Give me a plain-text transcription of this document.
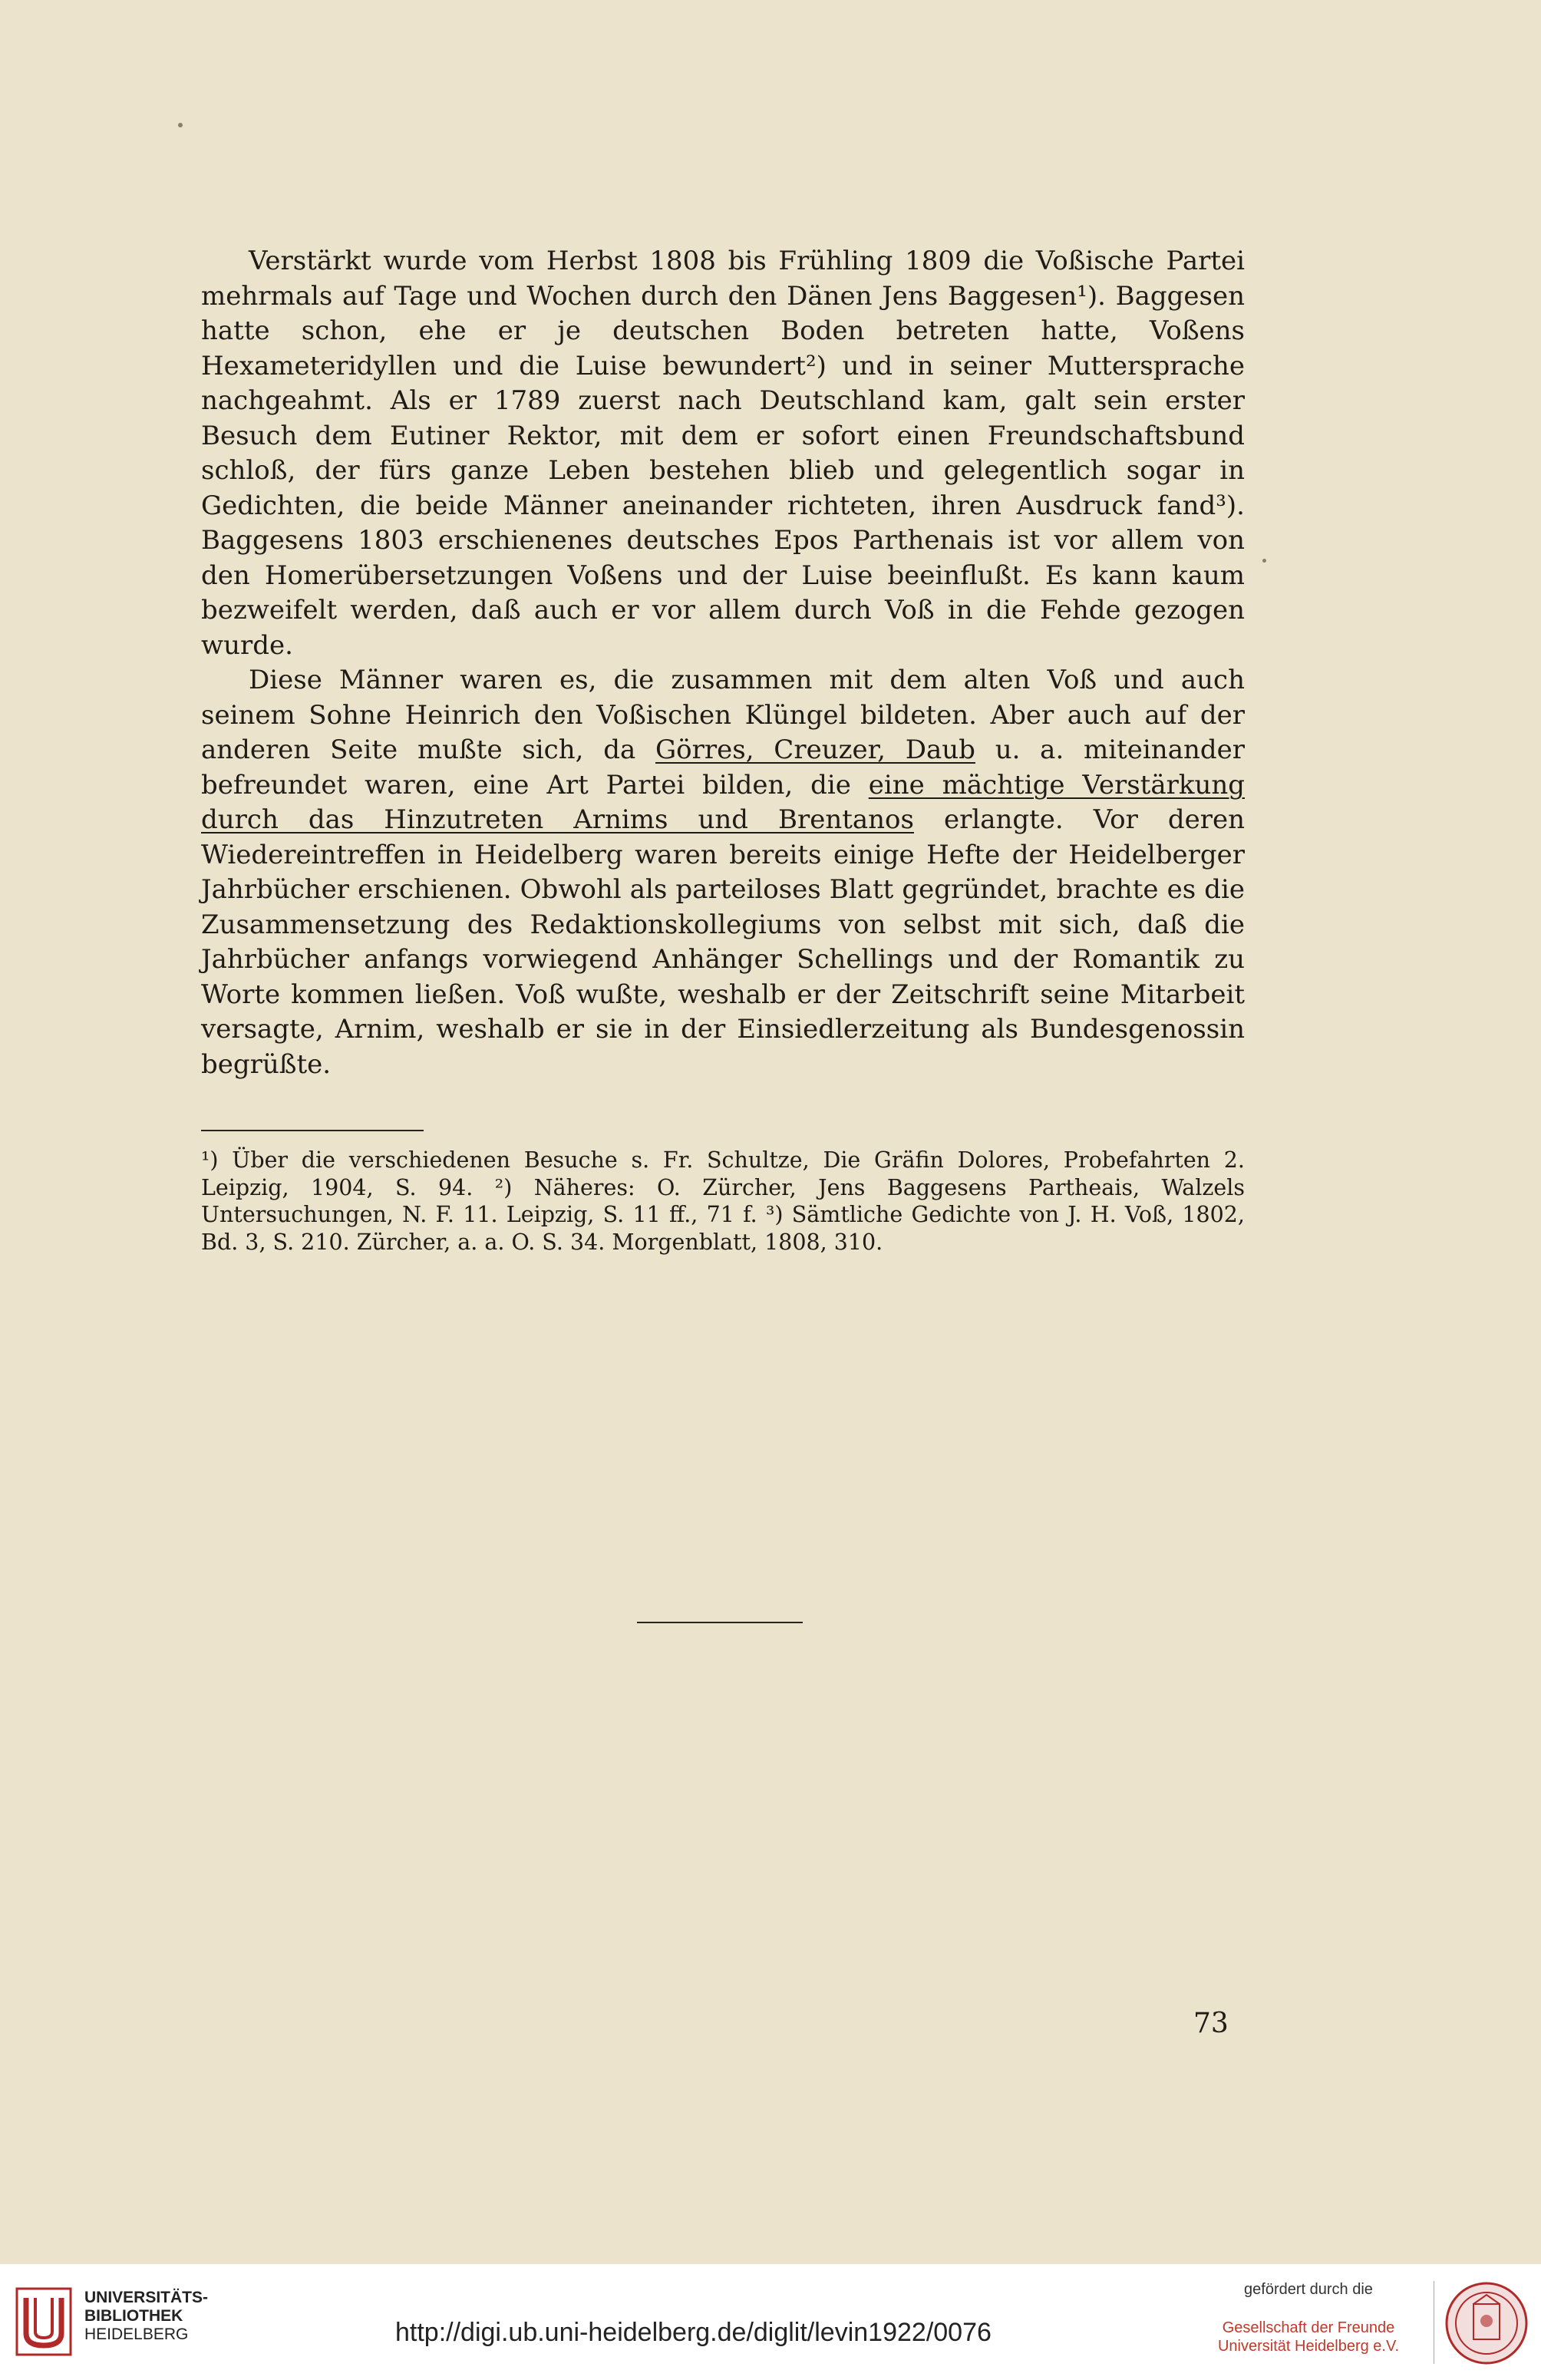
Verstärkt wurde vom Herbst 1808 bis Frühling 1809 die Voßische Partei mehrmals auf Tage und Wochen durch den Dänen Jens Baggesen¹). Baggesen hatte schon, ehe er je deutschen Boden betreten hatte, Voßens Hexameteridyllen und die Luise bewundert²) und in seiner Muttersprache nachgeahmt. Als er 1789 zuerst nach Deutschland kam, galt sein erster Besuch dem Eutiner Rektor, mit dem er sofort einen Freundschaftsbund schloß, der fürs ganze Leben bestehen blieb und gelegentlich sogar in Gedichten, die beide Männer aneinander richteten, ihren Ausdruck fand³). Baggesens 1803 erschienenes deutsches Epos Parthenais ist vor allem von den Homerübersetzungen Voßens und der Luise beeinflußt. Es kann kaum bezweifelt werden, daß auch er vor allem durch Voß in die Fehde gezogen wurde.

Diese Männer waren es, die zusammen mit dem alten Voß und auch seinem Sohne Heinrich den Voßischen Klüngel bildeten. Aber auch auf der anderen Seite mußte sich, da Görres, Creuzer, Daub u. a. miteinander befreundet waren, eine Art Partei bilden, die eine mächtige Verstärkung durch das Hinzutreten Arnims und Brentanos erlangte. Vor deren Wiedereintreffen in Heidelberg waren bereits einige Hefte der Heidelberger Jahrbücher erschienen. Obwohl als parteiloses Blatt gegründet, brachte es die Zusammensetzung des Redaktionskollegiums von selbst mit sich, daß die Jahrbücher anfangs vorwiegend Anhänger Schellings und der Romantik zu Worte kommen ließen. Voß wußte, weshalb er der Zeitschrift seine Mitarbeit versagte, Arnim, weshalb er sie in der Einsiedlerzeitung als Bundesgenossin begrüßte.

¹) Über die verschiedenen Besuche s. Fr. Schultze, Die Gräfin Dolores, Probefahrten 2. Leipzig, 1904, S. 94. ²) Näheres: O. Zürcher, Jens Baggesens Partheais, Walzels Untersuchungen, N. F. 11. Leipzig, S. 11 ff., 71 f. ³) Sämtliche Gedichte von J. H. Voß, 1802, Bd. 3, S. 210. Zürcher, a. a. O. S. 34. Morgenblatt, 1808, 310.

73
UNIVERSITÄTS-
BIBLIOTHEK
HEIDELBERG	http://digi.ub.uni-heidelberg.de/diglit/levin1922/0076
gefördert durch die
Gesellschaft der Freunde
Universität Heidelberg e.V.
